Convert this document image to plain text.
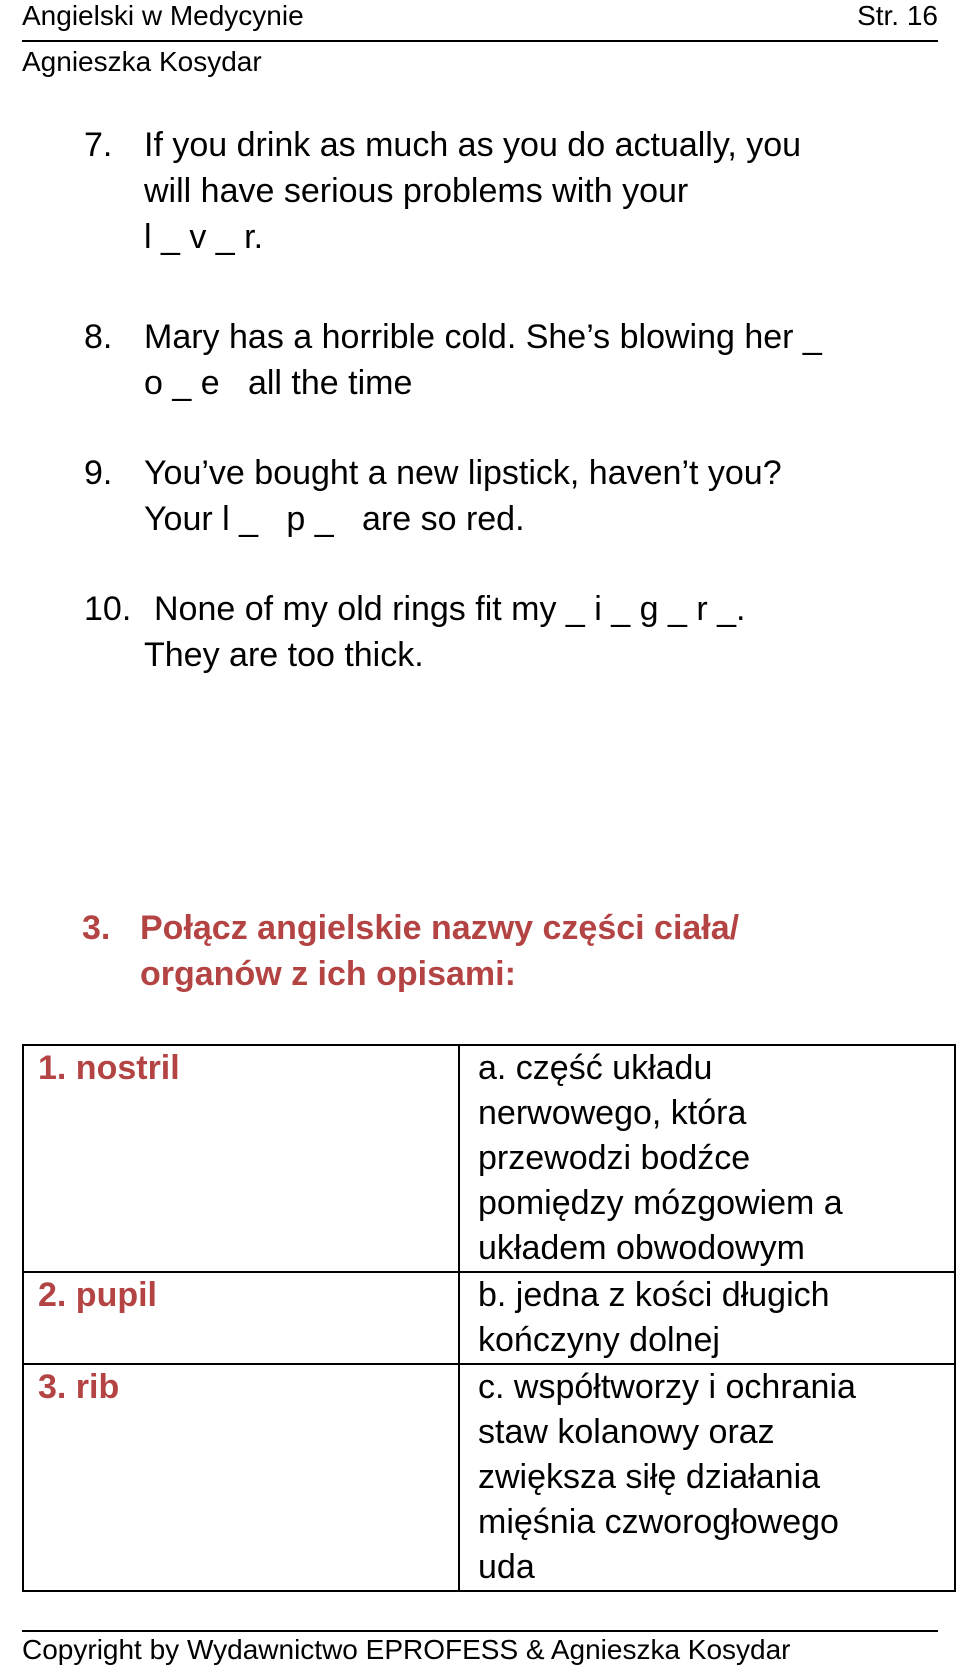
Angielski w Medycynie	Str. 16
Agnieszka Kosydar
7. If you drink as much as you do actually, you
will have serious problems with your
l _ v _ r.
8. Mary has a horrible cold. She’s blowing her _
o _ e   all the time
9. You’ve bought a new lipstick, haven’t you?
Your l _   p _   are so red.
10. None of my old rings fit my _ i _ g _ r _.
They are too thick.
3. Połącz angielskie nazwy części ciała/
organów z ich opisami:
1. nostril	a. część układu
nerwowego, która
przewodzi bodźce
pomiędzy mózgowiem a
układem obwodowym

2. pupil	b. jedna z kości długich
kończyny dolnej

3. rib	c. współtworzy i ochrania
staw kolanowy oraz
zwiększa siłę działania
mięśnia czworogłowego
uda
Copyright by Wydawnictwo EPROFESS & Agnieszka Kosydar
